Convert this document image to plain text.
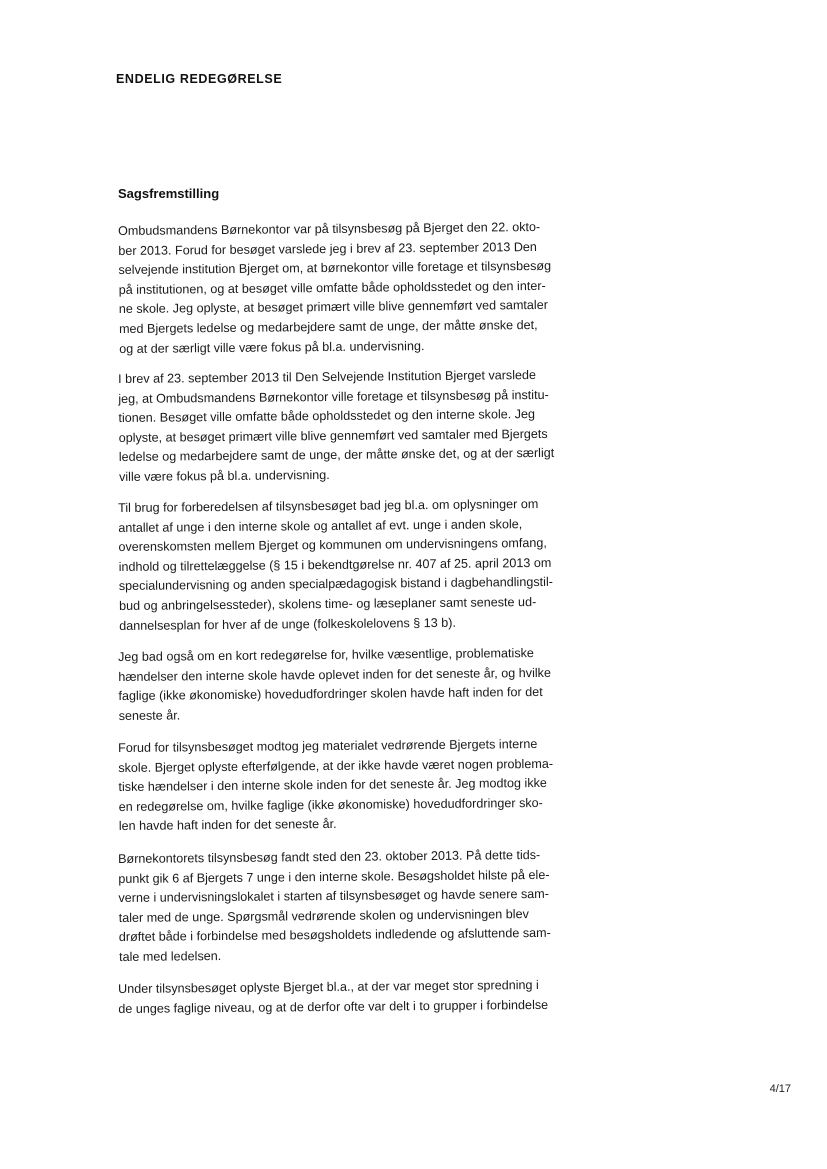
ENDELIG REDEGØRELSE
Sagsfremstilling

Ombudsmandens Børnekontor var på tilsynsbesøg på Bjerget den 22. okto-
ber 2013. Forud for besøget varslede jeg i brev af 23. september 2013 Den
selvejende institution Bjerget om, at børnekontor ville foretage et tilsynsbesøg
på institutionen, og at besøget ville omfatte både opholdsstedet og den inter-
ne skole. Jeg oplyste, at besøget primært ville blive gennemført ved samtaler
med Bjergets ledelse og medarbejdere samt de unge, der måtte ønske det,
og at der særligt ville være fokus på bl.a. undervisning.

I brev af 23. september 2013 til Den Selvejende Institution Bjerget varslede
jeg, at Ombudsmandens Børnekontor ville foretage et tilsynsbesøg på institu-
tionen. Besøget ville omfatte både opholdsstedet og den interne skole. Jeg
oplyste, at besøget primært ville blive gennemført ved samtaler med Bjergets
ledelse og medarbejdere samt de unge, der måtte ønske det, og at der særligt
ville være fokus på bl.a. undervisning.

Til brug for forberedelsen af tilsynsbesøget bad jeg bl.a. om oplysninger om
antallet af unge i den interne skole og antallet af evt. unge i anden skole,
overenskomsten mellem Bjerget og kommunen om undervisningens omfang,
indhold og tilrettelæggelse (§ 15 i bekendtgørelse nr. 407 af 25. april 2013 om
specialundervisning og anden specialpædagogisk bistand i dagbehandlingstil-
bud og anbringelsessteder), skolens time- og læseplaner samt seneste ud-
dannelsesplan for hver af de unge (folkeskolelovens § 13 b).

Jeg bad også om en kort redegørelse for, hvilke væsentlige, problematiske
hændelser den interne skole havde oplevet inden for det seneste år, og hvilke
faglige (ikke økonomiske) hovedudfordringer skolen havde haft inden for det
seneste år.

Forud for tilsynsbesøget modtog jeg materialet vedrørende Bjergets interne
skole. Bjerget oplyste efterfølgende, at der ikke havde været nogen problema-
tiske hændelser i den interne skole inden for det seneste år. Jeg modtog ikke
en redegørelse om, hvilke faglige (ikke økonomiske) hovedudfordringer sko-
len havde haft inden for det seneste år.

Børnekontorets tilsynsbesøg fandt sted den 23. oktober 2013. På dette tids-
punkt gik 6 af Bjergets 7 unge i den interne skole. Besøgsholdet hilste på ele-
verne i undervisningslokalet i starten af tilsynsbesøget og havde senere sam-
taler med de unge. Spørgsmål vedrørende skolen og undervisningen blev
drøftet både i forbindelse med besøgsholdets indledende og afsluttende sam-
tale med ledelsen.

Under tilsynsbesøget oplyste Bjerget bl.a., at der var meget stor spredning i
de unges faglige niveau, og at de derfor ofte var delt i to grupper i forbindelse

4/17
